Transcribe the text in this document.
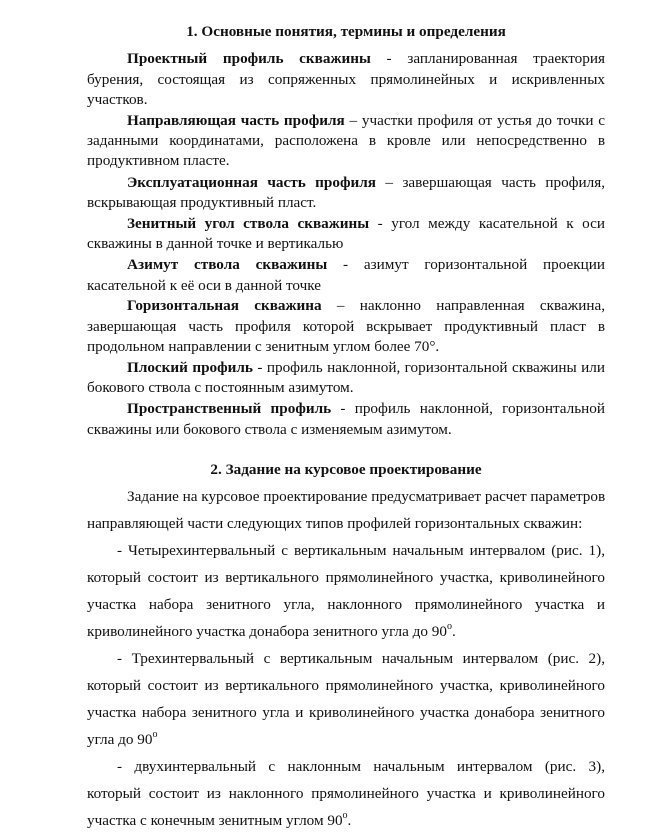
1. Основные понятия, термины и определения
Проектный профиль скважины - запланированная траектория
бурения, состоящая из сопряженных прямолинейных и искривленных
участков.
Направляющая часть профиля – участки профиля от устья до точки с
заданными координатами, расположена в кровле или непосредственно в
продуктивном пласте.
Эксплуатационная часть профиля – завершающая часть профиля,
вскрывающая продуктивный пласт.
Зенитный угол ствола скважины - угол между касательной к оси
скважины в данной точке и вертикалью
Азимут ствола скважины - азимут горизонтальной проекции
касательной к её оси в данной точке
Горизонтальная скважина – наклонно направленная скважина,
завершающая часть профиля которой вскрывает продуктивный пласт в
продольном направлении с зенитным углом более 70°.
Плоский профиль - профиль наклонной, горизонтальной скважины или
бокового ствола с постоянным азимутом.
Пространственный профиль - профиль наклонной, горизонтальной
скважины или бокового ствола с изменяемым азимутом.
2. Задание на курсовое проектирование
Задание на курсовое проектирование предусматривает расчет параметров
направляющей части следующих типов профилей горизонтальных скважин:
- Четырехинтервальный с вертикальным начальным интервалом (рис. 1),
который состоит из вертикального прямолинейного участка, криволинейного
участка набора зенитного угла, наклонного прямолинейного участка и
криволинейного участка донабора зенитного угла до $90^о$.
- Трехинтервальный с вертикальным начальным интервалом (рис. 2),
который состоит из вертикального прямолинейного участка, криволинейного
участка набора зенитного угла и криволинейного участка донабора зенитного
угла до $90^о$
- двухинтервальный с наклонным начальным интервалом (рис. 3),
который состоит из наклонного прямолинейного участка и криволинейного
участка с конечным зенитным углом $90^о$.
